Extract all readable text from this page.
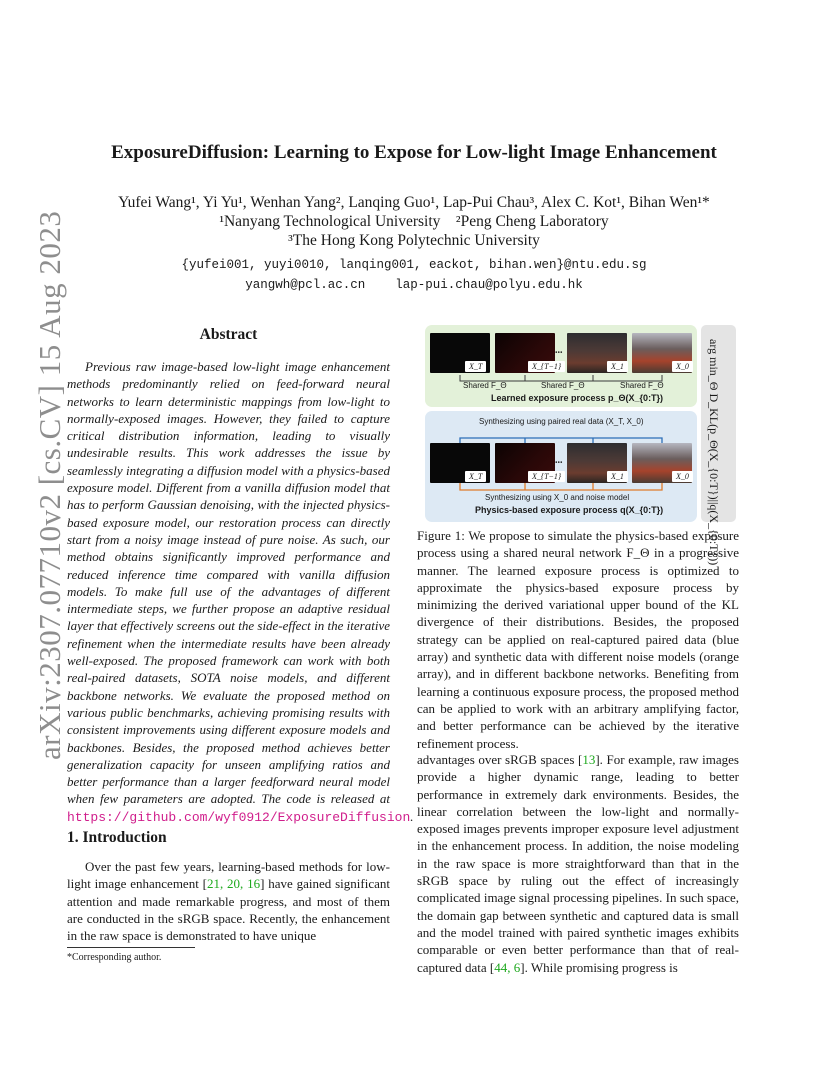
arXiv:2307.07710v2 [cs.CV] 15 Aug 2023
ExposureDiffusion: Learning to Expose for Low-light Image Enhancement
Yufei Wang¹, Yi Yu¹, Wenhan Yang², Lanqing Guo¹, Lap-Pui Chau³, Alex C. Kot¹, Bihan Wen¹*
¹Nanyang Technological University    ²Peng Cheng Laboratory
³The Hong Kong Polytechnic University
{yufei001, yuyi0010, lanqing001, eackot, bihan.wen}@ntu.edu.sg
yangwh@pcl.ac.cn    lap-pui.chau@polyu.edu.hk
Abstract
Previous raw image-based low-light image enhancement methods predominantly relied on feed-forward neural networks to learn deterministic mappings from low-light to normally-exposed images. However, they failed to capture critical distribution information, leading to visually undesirable results. This work addresses the issue by seamlessly integrating a diffusion model with a physics-based exposure model. Different from a vanilla diffusion model that has to perform Gaussian denoising, with the injected physics-based exposure model, our restoration process can directly start from a noisy image instead of pure noise. As such, our method obtains significantly improved performance and reduced inference time compared with vanilla diffusion models. To make full use of the advantages of different intermediate steps, we further propose an adaptive residual layer that effectively screens out the side-effect in the iterative refinement when the intermediate results have been already well-exposed. The proposed framework can work with both real-paired datasets, SOTA noise models, and different backbone networks. We evaluate the proposed method on various public benchmarks, achieving promising results with consistent improvements using different exposure models and backbones. Besides, the proposed method achieves better generalization capacity for unseen amplifying ratios and better performance than a larger feedforward neural model when few parameters are adopted. The code is released at https://github.com/wyf0912/ExposureDiffusion.
1. Introduction
Over the past few years, learning-based methods for low-light image enhancement [21, 20, 16] have gained significant attention and made remarkable progress, and most of them are conducted in the sRGB space. Recently, the enhancement in the raw space is demonstrated to have unique
*Corresponding author.
arg min_Θ D_KL(p_Θ(X_{0:T})||q(X_{0:T}))
X_T	X_{T−1}	X_1	X_0
...
Shared F_Θ	Shared F_Θ	Shared F_Θ
Learned exposure process p_Θ(X_{0:T})
Synthesizing using paired real data (X_T, X_0)
X_T	X_{T−1}	X_1	X_0
...
Synthesizing using X_0 and noise model
Physics-based exposure process q(X_{0:T})
Figure 1: We propose to simulate the physics-based exposure process using a shared neural network F_Θ in a progressive manner. The learned exposure process is optimized to approximate the physics-based exposure process by minimizing the derived variational upper bound of the KL divergence of their distributions. Besides, the proposed strategy can be applied on real-captured paired data (blue array) and synthetic data with different noise models (orange array), and in different backbone networks. Benefiting from learning a continuous exposure process, the proposed method can be applied to work with an arbitrary amplifying factor, and better performance can be achieved by the iterative refinement process.
advantages over sRGB spaces [13]. For example, raw images provide a higher dynamic range, leading to better performance in extremely dark environments. Besides, the linear correlation between the low-light and normally-exposed images prevents improper exposure level adjustment in the enhancement process. In addition, the noise modeling in the raw space is more straightforward than that in the sRGB space by ruling out the effect of increasingly complicated image signal processing pipelines. In such space, the domain gap between synthetic and captured data is small and the model trained with paired synthetic images exhibits comparable or even better performance than that of real-captured data [44, 6]. While promising progress is
